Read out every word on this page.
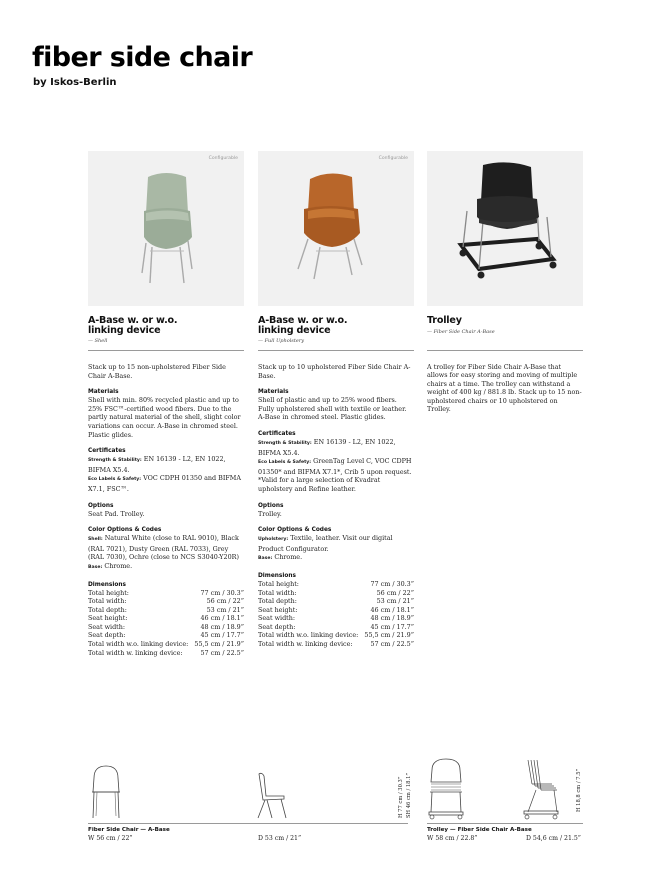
fiber side chair
by Iskos-Berlin
Configurable
A-Base w. or w.o.
linking device
— Shell
Stack up to 15 non-upholstered Fiber Side Chair A-Base.
Materials
Shell with min. 80% recycled plastic and up to 25% FSC™-certified wood fibers. Due to the partly natural material of the shell, slight color variations can occur. A-Base in chromed steel. Plastic glides.
Certificates
Strength & Stability: EN 16139 - L2, EN 1022, BIFMA X5.4.
Eco Labels & Safety: VOC CDPH 01350 and BIFMA X7.1, FSC™.
Options
Seat Pad. Trolley.
Color Options & Codes
Shell: Natural White (close to RAL 9010), Black (RAL 7021), Dusty Green (RAL 7033), Grey (RAL 7030), Ochre (close to NCS S3040-Y20R)
Base: Chrome.
Dimensions
Total height:	77 cm / 30.3”
Total width:	56 cm / 22”
Total depth:	53 cm / 21”
Seat height:	46 cm / 18.1”
Seat width:	48 cm / 18.9”
Seat depth:	45 cm / 17.7”
Total width w.o. linking device: 55,5 cm / 21.9”
Total width w. linking device:	57 cm / 22.5”
Configurable
A-Base w. or w.o.
linking device
— Full Upholstery
Stack up to 10 upholstered Fiber Side Chair A-Base.
Materials
Shell of plastic and up to 25% wood fibers. Fully upholstered shell with textile or leather. A-Base in chromed steel. Plastic glides.
Certificates
Strength & Stability: EN 16139 - L2, EN 1022, BIFMA X5.4.
Eco Labels & Safety: GreenTag Level C, VOC CDPH 01350* and BIFMA X7.1*, Crib 5 upon request. *Valid for a large selection of Kvadrat upholstery and Refine leather.
Options
Trolley.
Color Options & Codes
Upholstery: Textile, leather. Visit our digital Product Configurator.
Base: Chrome.
Dimensions
Total height:	77 cm / 30.3”
Total width:	56 cm / 22”
Total depth:	53 cm / 21”
Seat height:	46 cm / 18.1”
Seat width:	48 cm / 18.9”
Seat depth:	45 cm / 17.7”
Total width w.o. linking device: 55,5 cm / 21.9”
Total width w. linking device:	57 cm / 22.5”
Trolley
— Fiber Side Chair A-Base
A trolley for Fiber Side Chair A-Base that allows for easy storing and moving of multiple chairs at a time. The trolley can withstand a weight of 400 kg / 881.8 lb. Stack up to 15 non-upholstered chairs or 10 upholstered on Trolley.
H 77 cm / 30.3” SH 46 cm / 18.1”	H 18,8 cm / 7.5”
Fiber Side Chair — A-Base
W 56 cm / 22”	D 53 cm / 21”
Trolley — Fiber Side Chair A-Base
W 58 cm / 22.8”	D 54,6 cm / 21.5”
